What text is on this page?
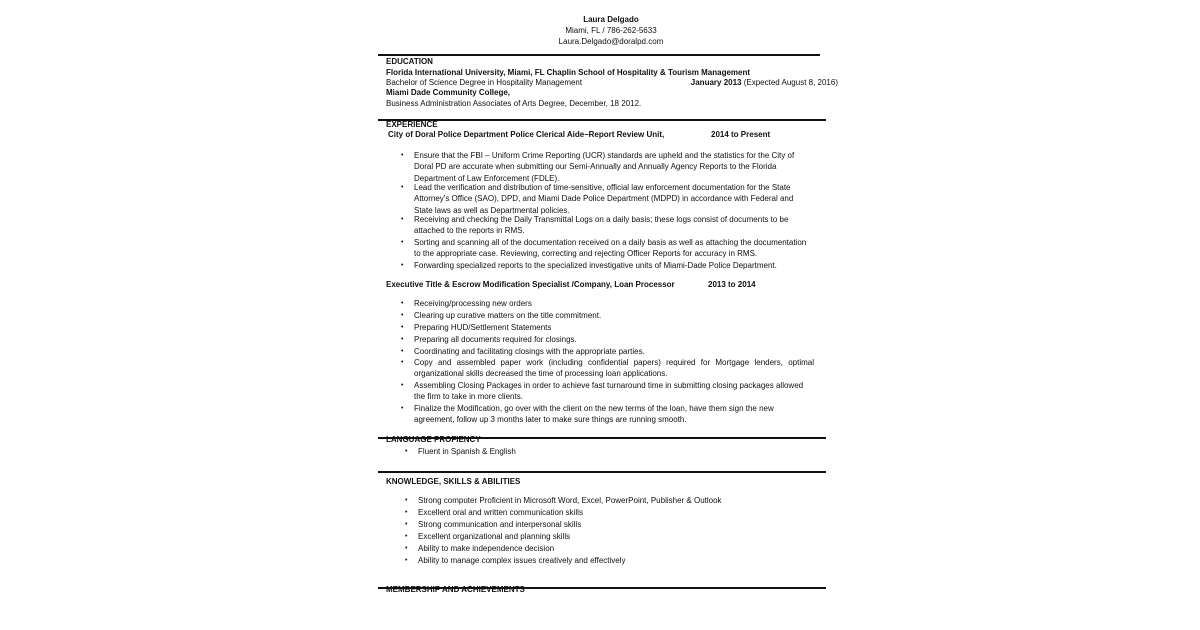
Laura Delgado
Miami, FL / 786-262-5633
Laura.Delgado@doralpd.com
EDUCATION
Florida International University, Miami, FL Chaplin School of Hospitality & Tourism Management
Bachelor of Science Degree in Hospitality Management	January 2013 (Expected August 8, 2016)
Miami Dade Community College,
Business Administration Associates of Arts Degree, December, 18 2012.
EXPERIENCE
City of Doral Police Department Police Clerical Aide–Report Review Unit,	2014 to Present
• Ensure that the FBI – Uniform Crime Reporting (UCR) standards are upheld and the statistics for the City of Doral PD are accurate when submitting our Semi-Annually and Annually Agency Reports to the Florida Department of Law Enforcement (FDLE).
• Lead the verification and distribution of time-sensitive, official law enforcement documentation for the State Attorney's Office (SAO), DPD, and Miami Dade Police Department (MDPD) in accordance with Federal and State laws as well as Departmental policies.
• Receiving and checking the Daily Transmittal Logs on a daily basis; these logs consist of documents to be attached to the reports in RMS.
• Sorting and scanning all of the documentation received on a daily basis as well as attaching the documentation to the appropriate case. Reviewing, correcting and rejecting Officer Reports for accuracy in RMS.
• Forwarding specialized reports to the specialized investigative units of Miami-Dade Police Department.
Executive Title & Escrow Modification Specialist /Company, Loan Processor	2013 to 2014
• Receiving/processing new orders
• Clearing up curative matters on the title commitment.
• Preparing HUD/Settlement Statements
• Preparing all documents required for closings.
• Coordinating and facilitating closings with the appropriate parties.
• Copy and assembled paper work (including confidential papers) required for Mortgage lenders, optimal organizational skills decreased the time of processing loan applications.
• Assembling Closing Packages in order to achieve fast turnaround time in submitting closing packages allowed the firm to take in more clients.
• Finalize the Modification, go over with the client on the new terms of the loan, have them sign the new agreement, follow up 3 months later to make sure things are running smooth.
LANGUAGE PROFIENCY
• Fluent in Spanish & English
KNOWLEDGE, SKILLS & ABILITIES
• Strong computer Proficient in Microsoft Word, Excel, PowerPoint, Publisher & Outlook
• Excellent oral and written communication skills
• Strong communication and interpersonal skills
• Excellent organizational and planning skills
• Ability to make independence decision
• Ability to manage complex issues creatively and effectively
MEMBERSHIP AND ACHIEVEMENTS
